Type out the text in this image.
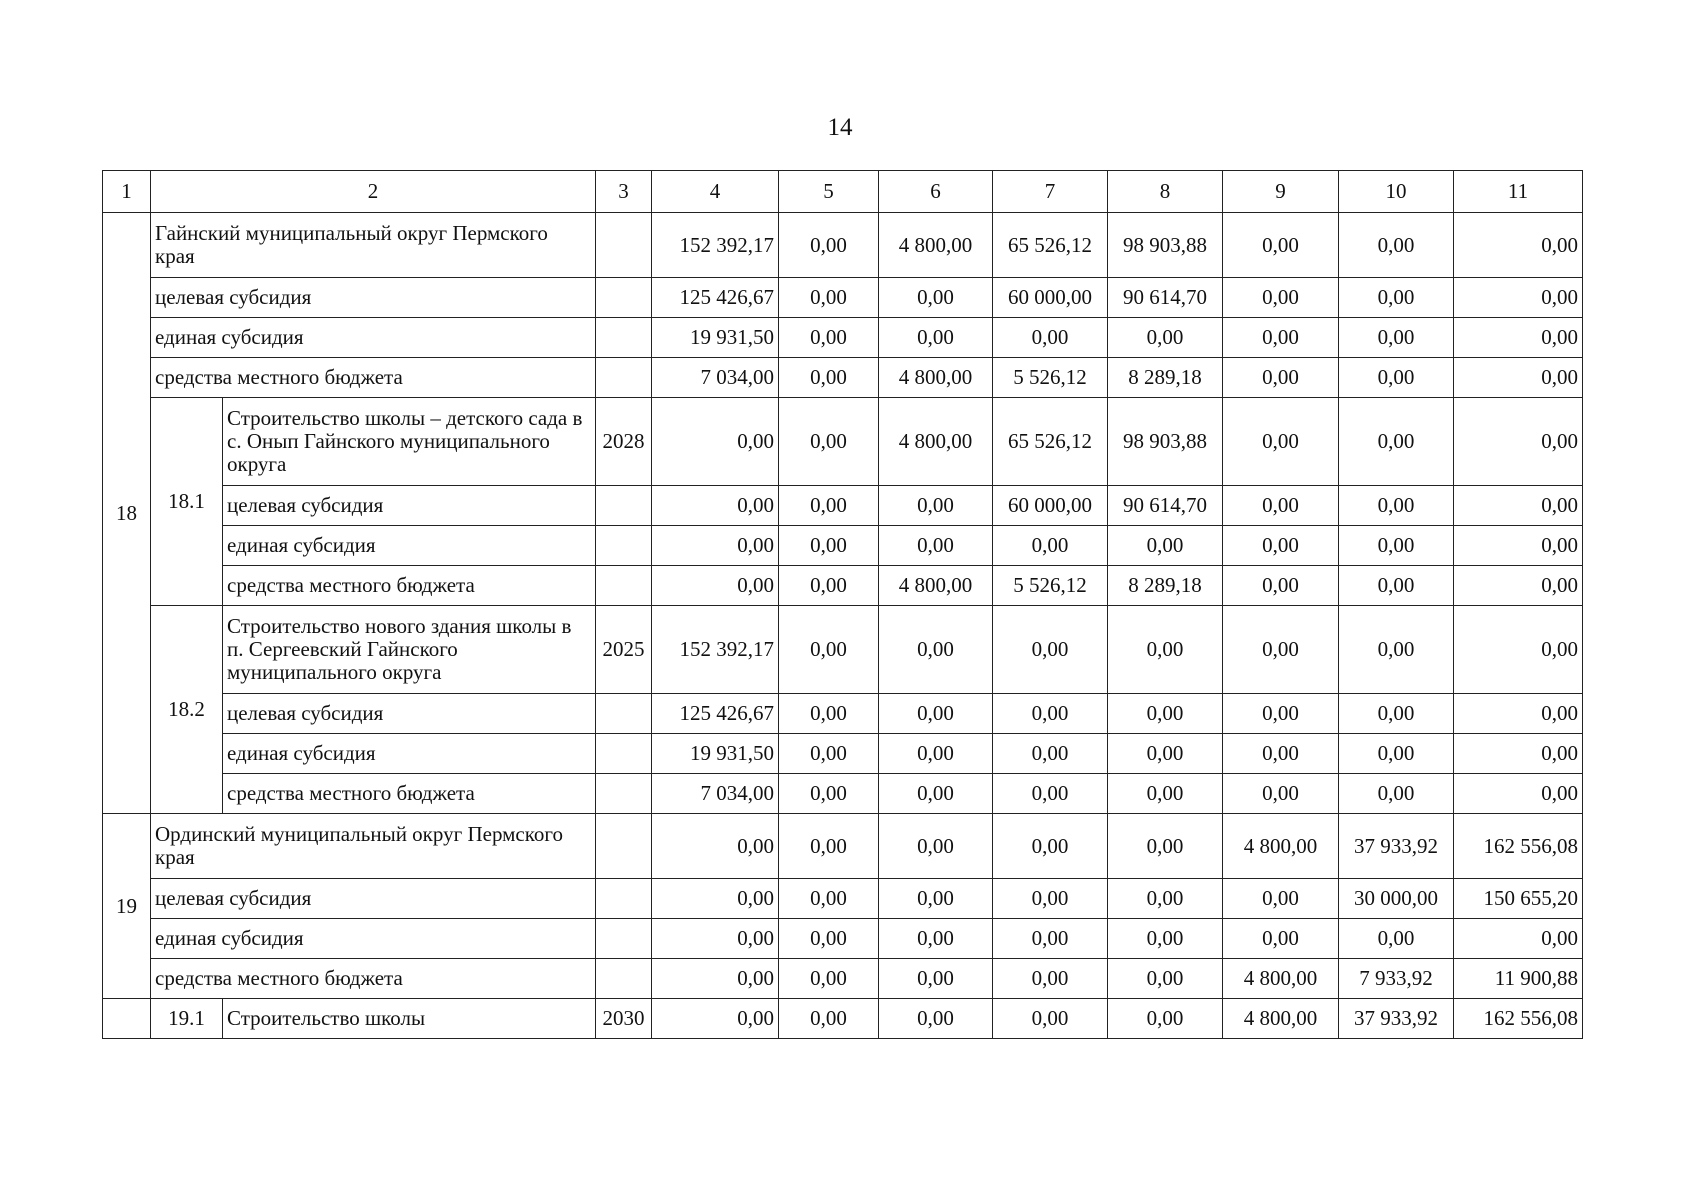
14
1	2		3	4	5	6	7	8	9	10	11
18	Гайнский муниципальный округ Пермского края			152 392,17	0,00	4 800,00	65 526,12	98 903,88	0,00	0,00	0,00
	целевая субсидия			125 426,67	0,00	0,00	60 000,00	90 614,70	0,00	0,00	0,00
	единая субсидия			19 931,50	0,00	0,00	0,00	0,00	0,00	0,00	0,00
	средства местного бюджета			7 034,00	0,00	4 800,00	5 526,12	8 289,18	0,00	0,00	0,00
	18.1	Строительство школы – детского сада в с. Онып Гайнского муниципального округа	2028	0,00	0,00	4 800,00	65 526,12	98 903,88	0,00	0,00	0,00
		целевая субсидия		0,00	0,00	0,00	60 000,00	90 614,70	0,00	0,00	0,00
		единая субсидия		0,00	0,00	0,00	0,00	0,00	0,00	0,00	0,00
		средства местного бюджета		0,00	0,00	4 800,00	5 526,12	8 289,18	0,00	0,00	0,00
	18.2	Строительство нового здания школы в п. Сергеевский Гайнского муниципального округа	2025	152 392,17	0,00	0,00	0,00	0,00	0,00	0,00	0,00
		целевая субсидия		125 426,67	0,00	0,00	0,00	0,00	0,00	0,00	0,00
		единая субсидия		19 931,50	0,00	0,00	0,00	0,00	0,00	0,00	0,00
		средства местного бюджета		7 034,00	0,00	0,00	0,00	0,00	0,00	0,00	0,00
19	Ординский муниципальный округ Пермского края			0,00	0,00	0,00	0,00	0,00	4 800,00	37 933,92	162 556,08
	целевая субсидия			0,00	0,00	0,00	0,00	0,00	0,00	30 000,00	150 655,20
	единая субсидия			0,00	0,00	0,00	0,00	0,00	0,00	0,00	0,00
	средства местного бюджета			0,00	0,00	0,00	0,00	0,00	4 800,00	7 933,92	11 900,88
	19.1	Строительство школы	2030	0,00	0,00	0,00	0,00	0,00	4 800,00	37 933,92	162 556,08
